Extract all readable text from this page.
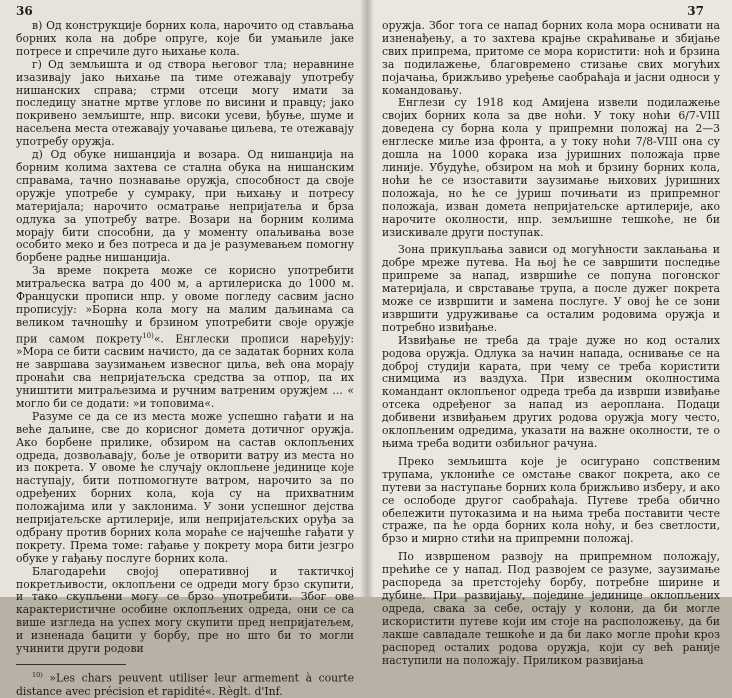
36

в) Од конструкције борних кола, нарочито од стављања борних кола на добре опруге, које би умањиле јаке потресе и спречиле дуго њихање кола.

г) Од земљишта и од створа његовог тла; неравнине изазивају јако њихање па тиме отежавају употребу нишанских справа; стрми отсеци могу имати за последицу знатне мртве углове по висини и правцу; јако покривено земљиште, нпр. високи усеви, ђбуње, шуме и насељена места отежавају уочавање циљева, те отежавају употребу оружја.

д) Од обуке нишанџија и возара. Од нишанџија на борним колима захтева се стална обука на нишанским справама, тачно познавање оружја, способност да своје оружје употребе у сумраку, при њихању и потресу материјала; нарочито осматрање непријатеља и брза одлука за употребу ватре. Возари на борним колима морају бити способни, да у моменту опаљивања возе особито меко и без потреса и да је разумевањем помогну борбене радње нишанџија.

За време покрета може се корисно употребити митраљеска ватра до 400 м, а артилериска до 1000 м. Француски прописи нпр. у овоме погледу сасвим јасно прописују: »Борна кола могу на малим даљинама са великом тачношћу и брзином употребити своје оружје при самом покрету$^{10)}$«. Енглески прописи наређују: »Мора се бити сасвим начисто, да се задатак борних кола не завршава заузимањем извесног циља, већ она морају пронаћи сва непријатељска средства за отпор, па их уништити митраљезима и ручним ватреним оружјем ... « могло би се додати: »и топовима«.

Разуме се да се из места може успешно гађати и на веће даљине, све до корисног домета дотичног оружја. Ако борбене прилике, обзиром на састав оклопљених одреда, дозвољавају, боље је отворити ватру из места но из покрета. У овоме ће случају оклопљене јединице које наступају, бити потпомогнуте ватром, нарочито за по одређених борних кола, која су на прихватним положајима или у заклонима. У зони успешног дејства непријатељске артилерије, или непријатељских оруђа за одбрану против борних кола мораће се најчешће гађати у покрету. Према томе: гађање у покрету мора бити језгро обуке у гађању послуге борних кола.

Благодарећи својој оперативној и тактичкој покретљивости, оклопљени се одреди могу брзо скупити, и тако скупљени могу се брзо употребити. Због ове карактеристичне особине оклопљених одреда, они се са више изгледа на успех могу скупити пред непријатељем, и изненада бацити у борбу, пре но што би то могли учинити други родови

$^{10)}$ »Les chars peuvent utiliser leur armement à courte distance avec précision et rapidité«. Règlt. d'Inf.

37

оружја. Због тога се напад борних кола мора оснивати на изненађењу, а то захтева крајње скраћивање и збијање свих припрема, притоме се мора користити: ноћ и брзина за подилажење, благовремено стизање свих могућих појачања, брижљиво уређење саобраћаја и јасни односи у командовању.

Енглези су 1918 код Амијена извели подилажење својих борних кола за две ноћи. У току ноћи 6/7-VIII доведена су борна кола у припремни положај на 2—3 енглеске миље иза фронта, а у току ноћи 7/8-VIII она су дошла на 1000 корака иза јуришних положаја прве линије. Убудуће, обзиром на моћ и брзину борних кола, ноћи ће се изоставити заузимање њихових јуришних положаја, но ће се јуриш почињати из припремног положаја, изван домета непријатељске артилерије, ако нарочите околности, нпр. земљишне тешкоће, не би изискивале други поступак.

Зона прикупљања зависи од могућности заклањања и добре мреже путева. На њој ће се завршити последње припреме за напад, извршиће се попуна погонског материјала, и сврставање трупа, а после дужег покрета може се извршити и замена послуге. У овој ће се зони извршити удруживање са осталим родовима оружја и потребно извиђање.

Извиђање не треба да траје дуже но код осталих родова оружја. Одлука за начин напада, оснивање се на доброј студији карата, при чему се треба користити снимцима из ваздуха. При извесним околностима командант оклопљеног одреда треба да изврши извиђање отсека одређеног за напад из аероплана. Подаци добивени извиђањем других родова оружја могу често, оклопљеним одредима, указати на важне околности, те о њима треба водити озбиљног рачуна.

Преко земљишта које је осигурано сопственим трупама, уклониће се омстање сваког покрета, ако се путеви за наступање борних кола брижљиво изберу, и ако се ослободе другог саобраћаја. Путеве треба обично обележити путоказима и на њима треба поставити честе страже, па ће орда борних кола ноћу, и без светлости, брзо и мирно стићи на припремни положај.

По извршеном развоју на припремном положају, прећиће се у напад. Под развојем се разуме, заузимање распореда за претстојећу борбу, потребне ширине и дубине. При развијању, поједине јединице оклопљених одреда, свака за себе, остају у колони, да би могле искористити путеве који им стоје на расположењу, да би лакше савладале тешкоће и да би лако могле проћи кроз распоред осталих родова оружја, који су већ раније наступили на положају. Приликом развијања
